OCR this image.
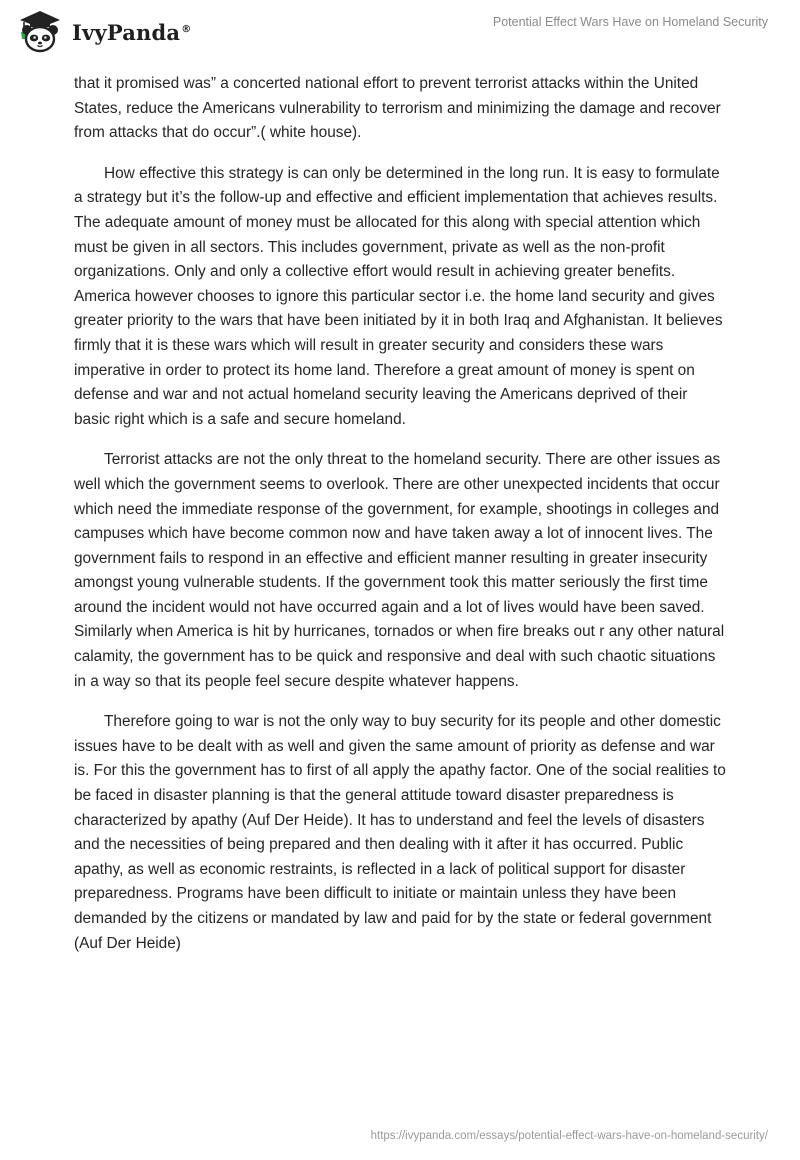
IvyPanda®	Potential Effect Wars Have on Homeland Security

that it promised was” a concerted national effort to prevent terrorist attacks within the United States, reduce the Americans vulnerability to terrorism and minimizing the damage and recover from attacks that do occur”.( white house).

How effective this strategy is can only be determined in the long run. It is easy to formulate a strategy but it’s the follow-up and effective and efficient implementation that achieves results. The adequate amount of money must be allocated for this along with special attention which must be given in all sectors. This includes government, private as well as the non-profit organizations. Only and only a collective effort would result in achieving greater benefits. America however chooses to ignore this particular sector i.e. the home land security and gives greater priority to the wars that have been initiated by it in both Iraq and Afghanistan. It believes firmly that it is these wars which will result in greater security and considers these wars imperative in order to protect its home land. Therefore a great amount of money is spent on defense and war and not actual homeland security leaving the Americans deprived of their basic right which is a safe and secure homeland.

Terrorist attacks are not the only threat to the homeland security. There are other issues as well which the government seems to overlook. There are other unexpected incidents that occur which need the immediate response of the government, for example, shootings in colleges and campuses which have become common now and have taken away a lot of innocent lives. The government fails to respond in an effective and efficient manner resulting in greater insecurity amongst young vulnerable students. If the government took this matter seriously the first time around the incident would not have occurred again and a lot of lives would have been saved. Similarly when America is hit by hurricanes, tornados or when fire breaks out r any other natural calamity, the government has to be quick and responsive and deal with such chaotic situations in a way so that its people feel secure despite whatever happens.

Therefore going to war is not the only way to buy security for its people and other domestic issues have to be dealt with as well and given the same amount of priority as defense and war is. For this the government has to first of all apply the apathy factor. One of the social realities to be faced in disaster planning is that the general attitude toward disaster preparedness is characterized by apathy (Auf Der Heide). It has to understand and feel the levels of disasters and the necessities of being prepared and then dealing with it after it has occurred. Public apathy, as well as economic restraints, is reflected in a lack of political support for disaster preparedness. Programs have been difficult to initiate or maintain unless they have been demanded by the citizens or mandated by law and paid for by the state or federal government (Auf Der Heide)

https://ivypanda.com/essays/potential-effect-wars-have-on-homeland-security/
